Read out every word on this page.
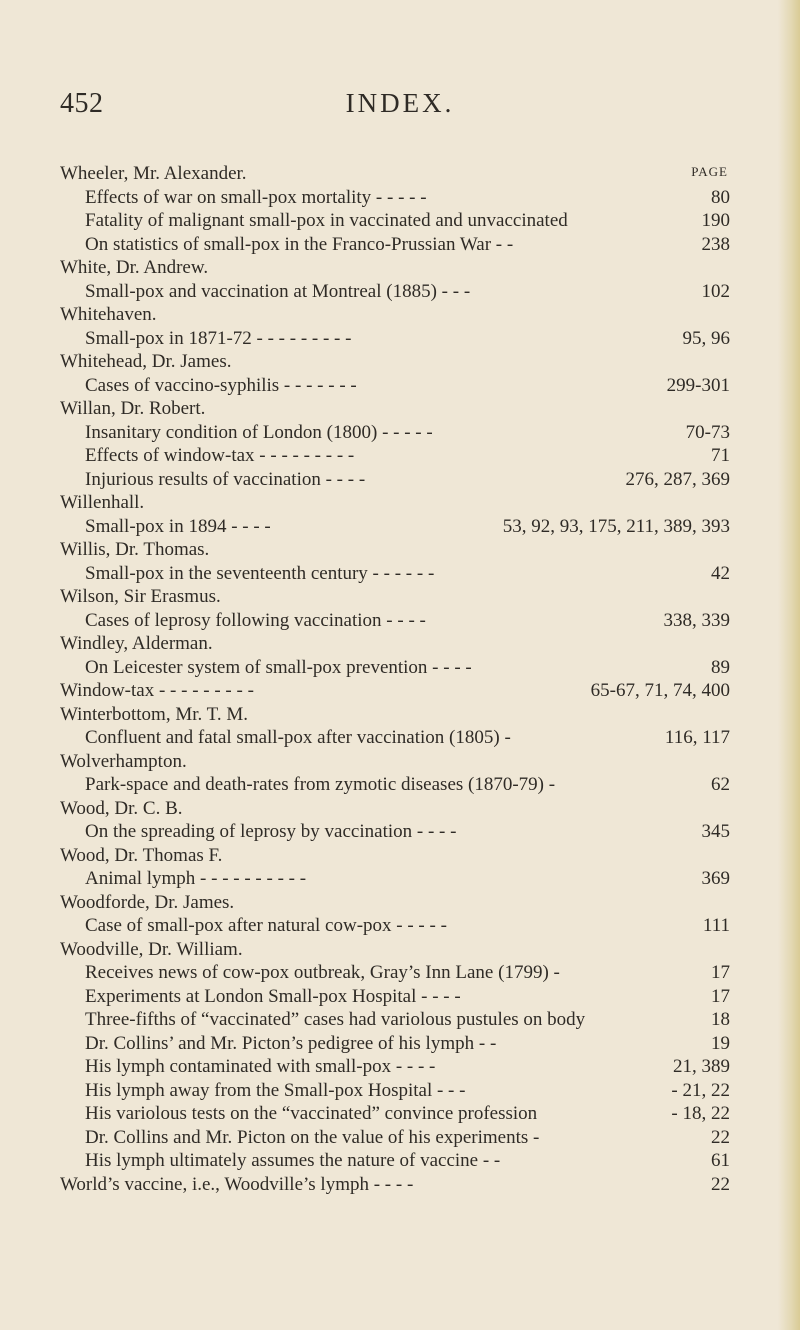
452	INDEX.
PAGE
Wheeler, Mr. Alexander.
Effects of war on small-pox mortality - - - - -	80
Fatality of malignant small-pox in vaccinated and unvaccinated	190
On statistics of small-pox in the Franco-Prussian War - -	238
White, Dr. Andrew.
Small-pox and vaccination at Montreal (1885) - - -	102
Whitehaven.
Small-pox in 1871-72 - - - - - - - - -	95, 96
Whitehead, Dr. James.
Cases of vaccino-syphilis - - - - - - -	299-301
Willan, Dr. Robert.
Insanitary condition of London (1800) - - - - -	70-73
Effects of window-tax - - - - - - - - -	71
Injurious results of vaccination - - - -	276, 287, 369
Willenhall.
Small-pox in 1894 - - - -	53, 92, 93, 175, 211, 389, 393
Willis, Dr. Thomas.
Small-pox in the seventeenth century - - - - - -	42
Wilson, Sir Erasmus.
Cases of leprosy following vaccination - - - -	338, 339
Windley, Alderman.
On Leicester system of small-pox prevention - - - -	89
Window-tax - - - - - - - - -	65-67, 71, 74, 400
Winterbottom, Mr. T. M.
Confluent and fatal small-pox after vaccination (1805) -	116, 117
Wolverhampton.
Park-space and death-rates from zymotic diseases (1870-79) -	62
Wood, Dr. C. B.
On the spreading of leprosy by vaccination - - - -	345
Wood, Dr. Thomas F.
Animal lymph - - - - - - - - - -	369
Woodforde, Dr. James.
Case of small-pox after natural cow-pox - - - - -	111
Woodville, Dr. William.
Receives news of cow-pox outbreak, Gray’s Inn Lane (1799) -	17
Experiments at London Small-pox Hospital - - - -	17
Three-fifths of “vaccinated” cases had variolous pustules on body	18
Dr. Collins’ and Mr. Picton’s pedigree of his lymph - -	19
His lymph contaminated with small-pox - - - -	21, 389
His lymph away from the Small-pox Hospital - - -	- 21, 22
His variolous tests on the “vaccinated” convince profession	- 18, 22
Dr. Collins and Mr. Picton on the value of his experiments -	22
His lymph ultimately assumes the nature of vaccine - -	61
World’s vaccine, i.e., Woodville’s lymph - - - -	22
